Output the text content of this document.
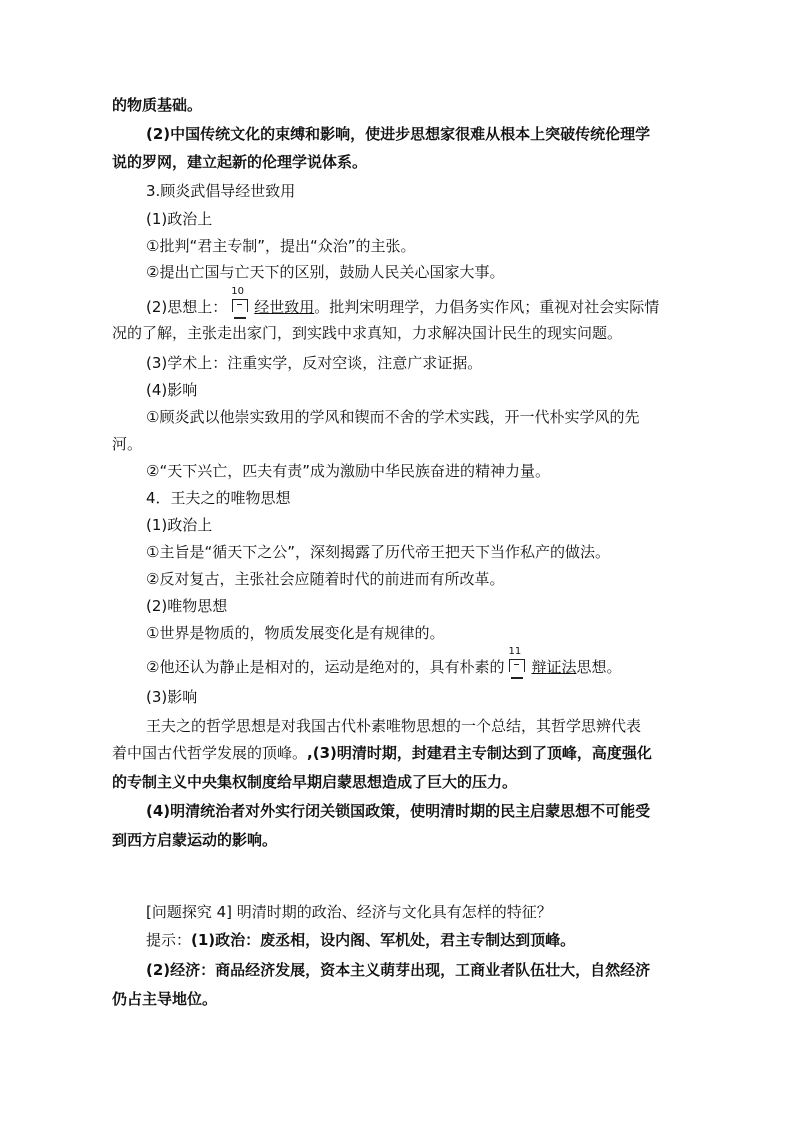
的物质基础。
(2)中国传统文化的束缚和影响，使进步思想家很难从根本上突破传统伦理学
说的罗网，建立起新的伦理学说体系。
3.顾炎武倡导经世致用
(1)政治上
①批判“君主专制”，提出“众治”的主张。
②提出亡国与亡天下的区别，鼓励人民关心国家大事。
(2)思想上：
10
经世致用。批判宋明理学，力倡务实作风；重视对社会实际情
况的了解，主张走出家门，到实践中求真知，力求解决国计民生的现实问题。
(3)学术上：注重实学，反对空谈，注意广求证据。
(4)影响
①顾炎武以他崇实致用的学风和锲而不舍的学术实践，开一代朴实学风的先
河。
②“天下兴亡，匹夫有责”成为激励中华民族奋进的精神力量。
4．王夫之的唯物思想
(1)政治上
①主旨是“循天下之公”，深刻揭露了历代帝王把天下当作私产的做法。
②反对复古，主张社会应随着时代的前进而有所改革。
(2)唯物思想
①世界是物质的，物质发展变化是有规律的。
②他还认为静止是相对的，运动是绝对的，具有朴素的
11
辩证法思想。
(3)影响
王夫之的哲学思想是对我国古代朴素唯物思想的一个总结，其哲学思辨代表
着中国古代哲学发展的顶峰。,(3)明清时期，封建君主专制达到了顶峰，高度强化
的专制主义中央集权制度给早期启蒙思想造成了巨大的压力。
(4)明清统治者对外实行闭关锁国政策，使明清时期的民主启蒙思想不可能受
到西方启蒙运动的影响。
[问题探究 4] 明清时期的政治、经济与文化具有怎样的特征？
提示：(1)政治：废丞相，设内阁、军机处，君主专制达到顶峰。
(2)经济：商品经济发展，资本主义萌芽出现，工商业者队伍壮大，自然经济
仍占主导地位。
